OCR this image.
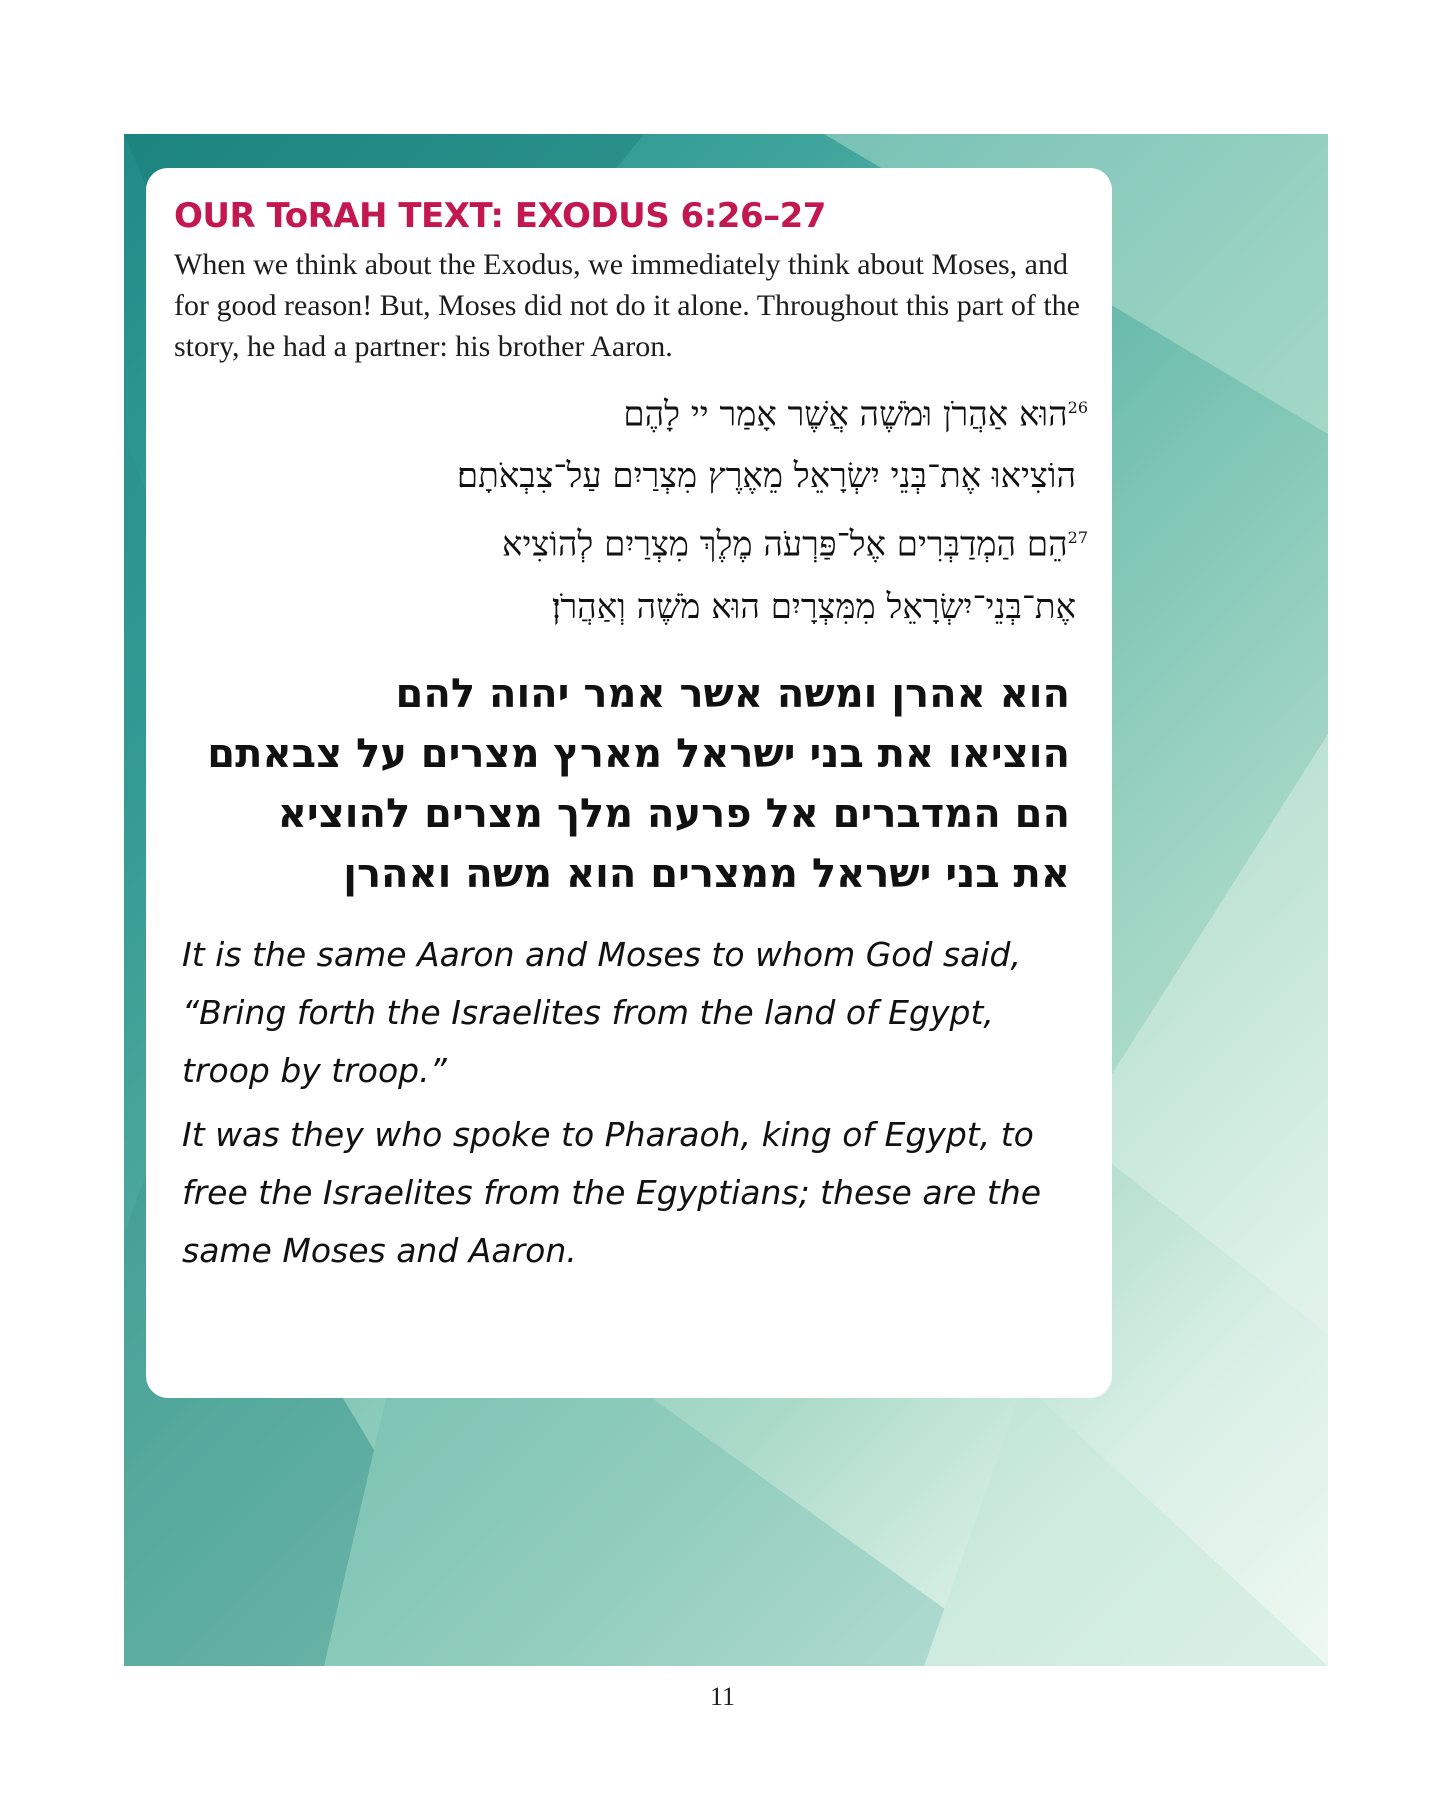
OUR ToRAH TEXT: EXODUS 6:26–27

When we think about the Exodus, we immediately think about Moses, and for good reason! But, Moses did not do it alone. Throughout this part of the story, he had a partner: his brother Aaron.

$^{26}$הוּא אַהֲרֹן וּמֹשֶׁה אֲשֶׁר אָמַר יי לָהֶם
הוֹצִיאוּ אֶת־בְּנֵי יִשְׂרָאֵל מֵאֶרֶץ מִצְרַיִם עַל־צִבְאֹתָם׃
$^{27}$הֵם הַמְדַבְּרִים אֶל־פַּרְעֹה מֶלֶךְ מִצְרַיִם לְהוֹצִיא
אֶת־בְּנֵי־יִשְׂרָאֵל מִמִּצְרָיִם הוּא מֹשֶׁה וְאַהֲרֹן׃
הוא אהרן ומשה אשר אמר יהוה להם
הוציאו את בני ישראל מארץ מצרים על צבאתם
הם המדברים אל פרעה מלך מצרים להוציא
את בני ישראל ממצרים הוא משה ואהרן

It is the same Aaron and Moses to whom God said, “Bring forth the Israelites from the land of Egypt, troop by troop.”

It was they who spoke to Pharaoh, king of Egypt, to free the Israelites from the Egyptians; these are the same Moses and Aaron.

11
